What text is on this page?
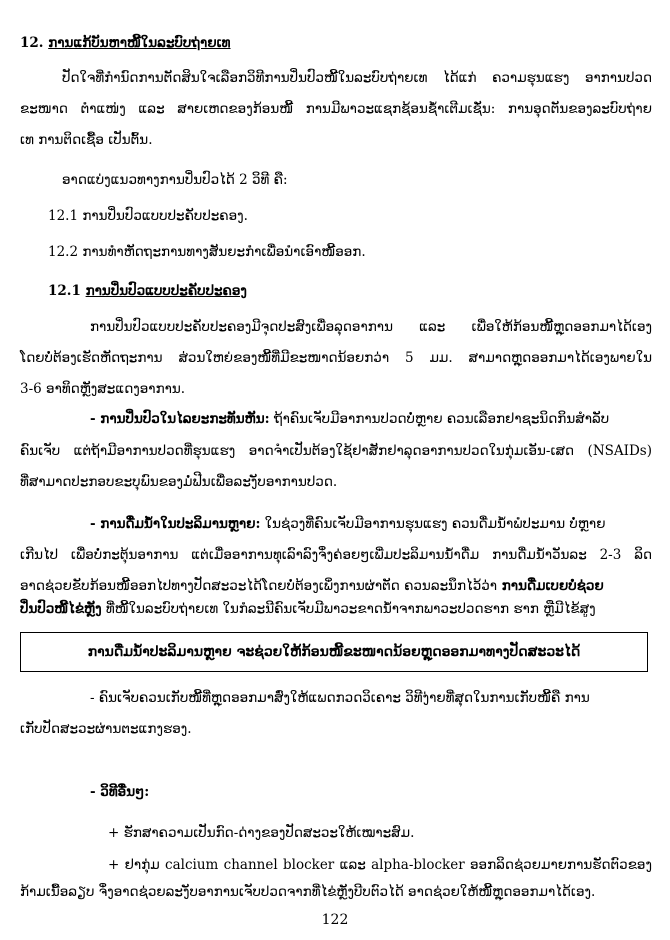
12. ການແກ້ບັນຫາໜີ້ໃນລະບົບຖ່າຍເທ
ປັດໃຈທີ່ກຳນົດການຕັດສິນໃຈເລືອກວິທີການປິ່ນປົວໜີ້ໃນລະບົບຖ່າຍເທ ໄດ້ແກ່ ຄວາມຮຸນແຮງ ອາການປວດ
ຂະໜາດ ຕຳແໜ່ງ ແລະ ສາຍເຫດຂອງກ້ອນໜີ້ ການມີພາວະແຊກຊ້ອນຊ້ຳເຕີມເຊັ່ນ: ການອຸດຕັນຂອງລະບົບຖ່າຍ
ເທ ການຕິດເຊື້ອ ເປັນຕົ້ນ.
ອາດແບ່ງແນວທາງການປິ່ນປົວໄດ້ 2 ວິທີ ຄື:
12.1 ການປິ່ນປົວແບບປະຄັບປະຄອງ.
12.2 ການທຳຫັດຖະການທາງສັນຍະກຳເພື່ອນຳເອົາໜີ້ອອກ.
12.1 ການປິ່ນປົວແບບປະຄັບປະຄອງ
ການປິ່ນປົວແບບປະຄັບປະຄອງມີຈຸດປະສົງເພື່ອລຸດອາການ ແລະ ເພື່ອໃຫ້ກ້ອນໜີ້ຫຼຸດອອກມາໄດ້ເອງ
ໂດຍບໍ່ຕ້ອງເຮັດຫັດຖະການ ສ່ວນໃຫຍ່ຂອງໜີ້ທີ່ມີຂະໜາດນ້ອຍກວ່າ 5 ມມ. ສາມາດຫຼຸດອອກມາໄດ້ເອງພາຍໃນ
3-6 ອາທິດຫຼັງສະແດງອາການ.
- ການປິ່ນປົວໃນໄລຍະກະທັນຫັນ: ຖ້າຄົນເຈັບມີອາການປວດບໍ່ຫຼາຍ ຄວນເລືອກຢາຊະນິດກິນສຳລັບ
ຄົນເຈັບ ແຕ່ຖ້າມີອາການປວດທີ່ຮຸນແຮງ ອາດຈຳເປັນຕ້ອງໃຊ້ຢາສັກຢາລຸດອາການປວດໃນກຸ່ມເອັນ-ເສດ (NSAIDs)
ທີ່ສາມາດປະກອບຂະບຸພົນຂອງມໍ່ຟີນເພື່ອລະງັບອາການປວດ.
- ການດື່ມນ້ຳໃນປະລິມານຫຼາຍ: ໃນຊ່ວງທີ່ຄົນເຈັບມີອາການຮຸນແຮງ ຄວນດື່ມນ້ຳພໍປະມານ ບໍ່ຫຼາຍ
ເກີນໄປ ເພື່ອບໍ່ກະຕຸ້ນອາການ ແຕ່ເມື່ອອາການທຸເລົາລົງຈຶ່ງຄ່ອຍໆເພີ່ມປະລິມານນ້ຳດື່ມ ການດື່ມນ້ຳວັນລະ 2-3 ລິດ
ອາດຊ່ວຍຂັບກ້ອນໜີ້ອອກໄປທາງປັດສະວະໄດ້ໂດຍບໍ່ຕ້ອງເພິ່ງການຜ່າຕັດ ຄວນລະນຶກໄວ້ວ່າ ການດື່ມເບຍບໍ່ຊ່ວຍ
ປິ່ນປົວໜີ້ໄຂ່ຫຼັງ ທີ່ໜີ້ໃນລະບົບຖ່າຍເທ ໃນກໍລະນີຄົນເຈັບມີພາວະຂາດນ້ຳຈາກພາວະປວດຮາກ ຮາກ ຫຼືມີໄຂ້ສູງ
ການດື່ມນ້ຳປະລິມານຫຼາຍ ຈະຊ່ວຍໃຫ້ກ້ອນໜີ້ຂະໜາດນ້ອຍຫຼຸດອອກມາທາງປັດສະວະໄດ້
- ຄົນເຈັບຄວນເກັບໜີ້ທີ່ຫຼຸດອອກມາສົ່ງໃຫ້ແພດກວດວິເຄາະ ວິທີງ່າຍທີ່ສຸດໃນການເກັບໜີ້ຄື ການ
ເກັບປັດສະວະຜ່ານຕະແກງຮອງ.
- ວິທີອື່ນໆ:
+ ຮັກສາຄວາມເປັນກົດ-ດ່າງຂອງປັດສະວະໃຫ້ເໝາະສົມ.
+ ຢາກຸ່ມ calcium channel blocker ແລະ alpha-blocker ອອກລິດຊ່ວຍມາຍການຮັດຕົວຂອງ
ກ້າມເນື້ອລຽບ ຈຶ່ງອາດຊ່ວຍລະງັບອາການເຈັບປວດຈາກທີ່ໄຂ່ຫຼັງບີບຕົວໄດ້ ອາດຊ່ວຍໃຫ້ໜີ້ຫຼຸດອອກມາໄດ້ເອງ.
122
